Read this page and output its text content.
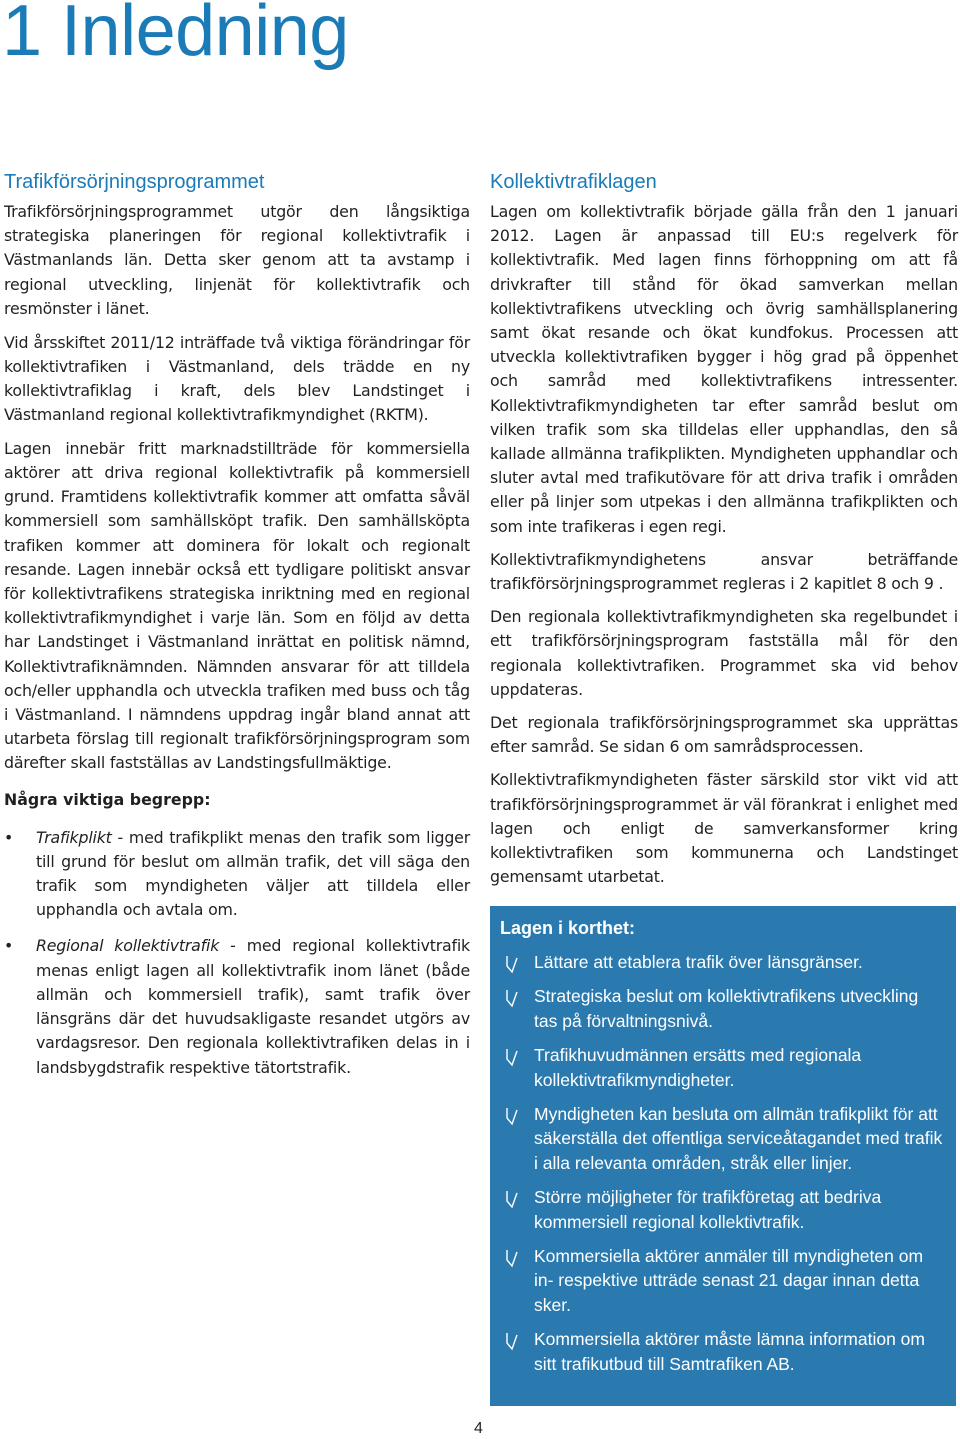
1 Inledning
Trafikförsörjningsprogrammet

Trafikförsörjningsprogrammet utgör den långsiktiga strategiska planeringen för regional kollektivtrafik i Västmanlands län. Detta sker genom att ta avstamp i regional utveckling, linjenät för kollektivtrafik och resmönster i länet.

Vid årsskiftet 2011/12 inträffade två viktiga förändringar för kollektivtrafiken i Västmanland, dels trädde en ny kollektivtrafiklag i kraft, dels blev Landstinget i Västmanland regional kollektivtrafikmyndighet (RKTM).

Lagen innebär fritt marknadstillträde för kommersiella aktörer att driva regional kollektivtrafik på kommersiell grund. Framtidens kollektivtrafik kommer att omfatta såväl kommersiell som samhällsköpt trafik. Den samhällsköpta trafiken kommer att dominera för lokalt och regionalt resande. Lagen innebär också ett tydligare politiskt ansvar för kollektivtrafikens strategiska inriktning med en regional kollektivtrafikmyndighet i varje län. Som en följd av detta har Landstinget i Västmanland inrättat en politisk nämnd, Kollektivtrafiknämnden. Nämnden ansvarar för att tilldela och/eller upphandla och utveckla trafiken med buss och tåg i Västmanland. I nämndens uppdrag ingår bland annat att utarbeta förslag till regionalt trafikförsörjningsprogram som därefter skall fastställas av Landstingsfullmäktige.

Några viktiga begrepp:
• Trafikplikt - med trafikplikt menas den trafik som ligger till grund för beslut om allmän trafik, det vill säga den trafik som myndigheten väljer att tilldela eller upphandla och avtala om.

• Regional kollektivtrafik - med regional kollektivtrafik menas enligt lagen all kollektivtrafik inom länet (både allmän och kommersiell trafik), samt trafik över länsgräns där det huvudsakligaste resandet utgörs av vardagsresor. Den regionala kollektivtrafiken delas in i landsbygdstrafik respektive tätortstrafik.

Kollektivtrafiklagen

Lagen om kollektivtrafik började gälla från den 1 januari 2012. Lagen är anpassad till EU:s regelverk för kollektivtrafik. Med lagen finns förhoppning om att få drivkrafter till stånd för ökad samverkan mellan kollektivtrafikens utveckling och övrig samhällsplanering samt ökat resande och ökat kundfokus. Processen att utveckla kollektivtrafiken bygger i hög grad på öppenhet och samråd med kollektivtrafikens intressenter. Kollektivtrafikmyndigheten tar efter samråd beslut om vilken trafik som ska tilldelas eller upphandlas, den så kallade allmänna trafikplikten. Myndigheten upphandlar och sluter avtal med trafikutövare för att driva trafik i områden eller på linjer som utpekas i den allmänna trafikplikten och som inte trafikeras i egen regi.

Kollektivtrafikmyndighetens ansvar beträffande trafikförsörjningsprogrammet regleras i 2 kapitlet 8 och 9 .

Den regionala kollektivtrafikmyndigheten ska regelbundet i ett trafikförsörjningsprogram fastställa mål för den regionala kollektivtrafiken. Programmet ska vid behov uppdateras.

Det regionala trafikförsörjningsprogrammet ska upprättas efter samråd. Se sidan 6 om samrådsprocessen.

Kollektivtrafikmyndigheten fäster särskild stor vikt vid att trafikförsörjningsprogrammet är väl förankrat i enlighet med lagen och enligt de samverkansformer kring kollektivtrafiken som kommunerna och Landstinget gemensamt utarbetat.

Lagen i korthet:
Lättare att etablera trafik över länsgränser.
Strategiska beslut om kollektivtrafikens utveckling tas på förvaltningsnivå.
Trafikhuvudmännen ersätts med regionala kollektivtrafikmyndigheter.
Myndigheten kan besluta om allmän trafikplikt för att säkerställa det offentliga serviceåtagandet med trafik i alla relevanta områden, stråk eller linjer.
Större möjligheter för trafikföretag att bedriva kommersiell regional kollektivtrafik.
Kommersiella aktörer anmäler till myndigheten om in- respektive utträde senast 21 dagar innan detta sker.
Kommersiella aktörer måste lämna information om sitt trafikutbud till Samtrafiken AB.
4
